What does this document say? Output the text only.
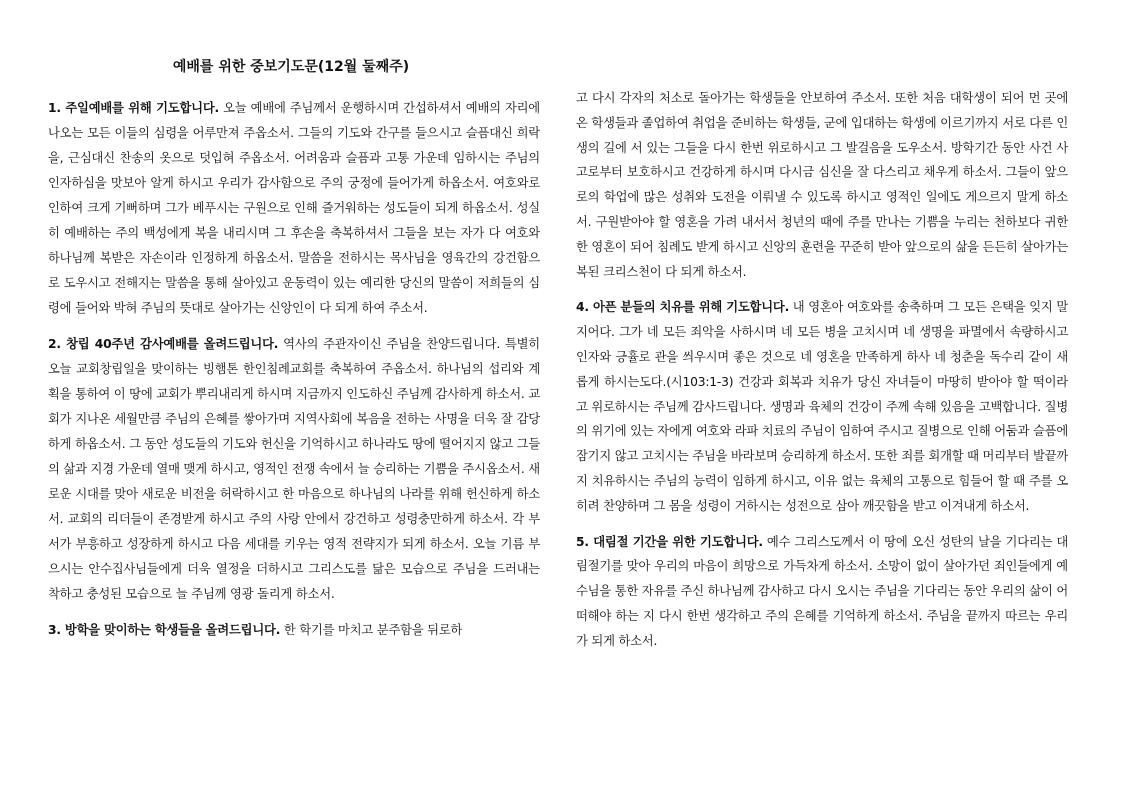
예배를 위한 중보기도문(12월 둘째주)

1. 주일예배를 위해 기도합니다. 오늘 예배에 주님께서 운행하시며 간섭하셔서 예배의 자리에 나오는 모든 이들의 심령을 어루만져 주옵소서. 그들의 기도와 간구를 들으시고 슬픔대신 희락을, 근심대신 찬송의 옷으로 덧입혀 주옵소서. 어려움과 슬픔과 고통 가운데 임하시는 주님의 인자하심을 맛보아 알게 하시고 우리가 감사함으로 주의 궁정에 들어가게 하옵소서. 여호와로 인하여 크게 기뻐하며 그가 베푸시는 구원으로 인해 즐거워하는 성도들이 되게 하옵소서. 성실히 예배하는 주의 백성에게 복을 내리시며 그 후손을 축복하셔서 그들을 보는 자가 다 여호와 하나님께 복받은 자손이라 인정하게 하옵소서. 말씀을 전하시는 목사님을 영육간의 강건함으로 도우시고 전해지는 말씀을 통해 살아있고 운동력이 있는 예리한 당신의 말씀이 저희들의 심령에 들어와 박혀 주님의 뜻대로 살아가는 신앙인이 다 되게 하여 주소서.

2. 창립 40주년 감사예배를 올려드립니다. 역사의 주관자이신 주님을 찬양드립니다. 특별히 오늘 교회창립일을 맞이하는 빙햄톤 한인침례교회를 축복하여 주옵소서. 하나님의 섭리와 계획을 통하여 이 땅에 교회가 뿌리내리게 하시며 지금까지 인도하신 주님께 감사하게 하소서. 교회가 지나온 세월만큼 주님의 은혜를 쌓아가며 지역사회에 복음을 전하는 사명을 더욱 잘 감당하게 하옵소서. 그 동안 성도들의 기도와 헌신을 기억하시고 하나라도 땅에 떨어지지 않고 그들의 삶과 지경 가운데 열매 맺게 하시고, 영적인 전쟁 속에서 늘 승리하는 기쁨을 주시옵소서. 새로운 시대를 맞아 새로운 비전을 허락하시고 한 마음으로 하나님의 나라를 위해 헌신하게 하소서. 교회의 리더들이 존경받게 하시고 주의 사랑 안에서 강건하고 성령충만하게 하소서. 각 부서가 부흥하고 성장하게 하시고 다음 세대를 키우는 영적 전략지가 되게 하소서. 오늘 기름 부으시는 안수집사님들에게 더욱 열정을 더하시고 그리스도를 닮은 모습으로 주님을 드러내는 착하고 충성된 모습으로 늘 주님께 영광 돌리게 하소서.

3. 방학을 맞이하는 학생들을 올려드립니다. 한 학기를 마치고 분주함을 뒤로하

고 다시 각자의 처소로 돌아가는 학생들을 안보하여 주소서. 또한 처음 대학생이 되어 먼 곳에 온 학생들과 졸업하여 취업을 준비하는 학생들, 군에 입대하는 학생에 이르기까지 서로 다른 인생의 길에 서 있는 그들을 다시 한번 위로하시고 그 발걸음을 도우소서. 방학기간 동안 사건 사고로부터 보호하시고 건강하게 하시며 다시금 심신을 잘 다스리고 채우게 하소서. 그들이 앞으로의 학업에 많은 성취와 도전을 이뤄낼 수 있도록 하시고 영적인 일에도 게으르지 말게 하소서. 구원받아야 할 영혼을 가려 내서서 청년의 때에 주를 만나는 기쁨을 누리는 천하보다 귀한 한 영혼이 되어 침례도 받게 하시고 신앙의 훈련을 꾸준히 받아 앞으로의 삶을 든든히 살아가는 복된 크리스천이 다 되게 하소서.

4. 아픈 분들의 치유를 위해 기도합니다. 내 영혼아 여호와를 송축하며 그 모든 은택을 잊지 말지어다. 그가 네 모든 죄악을 사하시며 네 모든 병을 고치시며 네 생명을 파멸에서 속량하시고 인자와 긍휼로 관을 씌우시며 좋은 것으로 네 영혼을 만족하게 하사 네 청춘을 독수리 같이 새롭게 하시는도다.(시103:1-3) 건강과 회복과 치유가 당신 자녀들이 마땅히 받아야 할 떡이라고 위로하시는 주님께 감사드립니다. 생명과 육체의 건강이 주께 속해 있음을 고백합니다. 질병의 위기에 있는 자에게 여호와 라파 치료의 주님이 임하여 주시고 질병으로 인해 어둠과 슬픔에 잠기지 않고 고치시는 주님을 바라보며 승리하게 하소서. 또한 죄를 회개할 때 머리부터 발끝까지 치유하시는 주님의 능력이 임하게 하시고, 이유 없는 육체의 고통으로 힘들어 할 때 주를 오히려 찬양하며 그 몸을 성령이 거하시는 성전으로 삼아 깨끗함을 받고 이겨내게 하소서.

5. 대림절 기간을 위한 기도합니다. 예수 그리스도께서 이 땅에 오신 성탄의 날을 기다리는 대림절기를 맞아 우리의 마음이 희망으로 가득차게 하소서. 소망이 없이 살아가던 죄인들에게 예수님을 통한 자유를 주신 하나님께 감사하고 다시 오시는 주님을 기다리는 동안 우리의 삶이 어떠해야 하는 지 다시 한번 생각하고 주의 은혜를 기억하게 하소서. 주님을 끝까지 따르는 우리가 되게 하소서.
